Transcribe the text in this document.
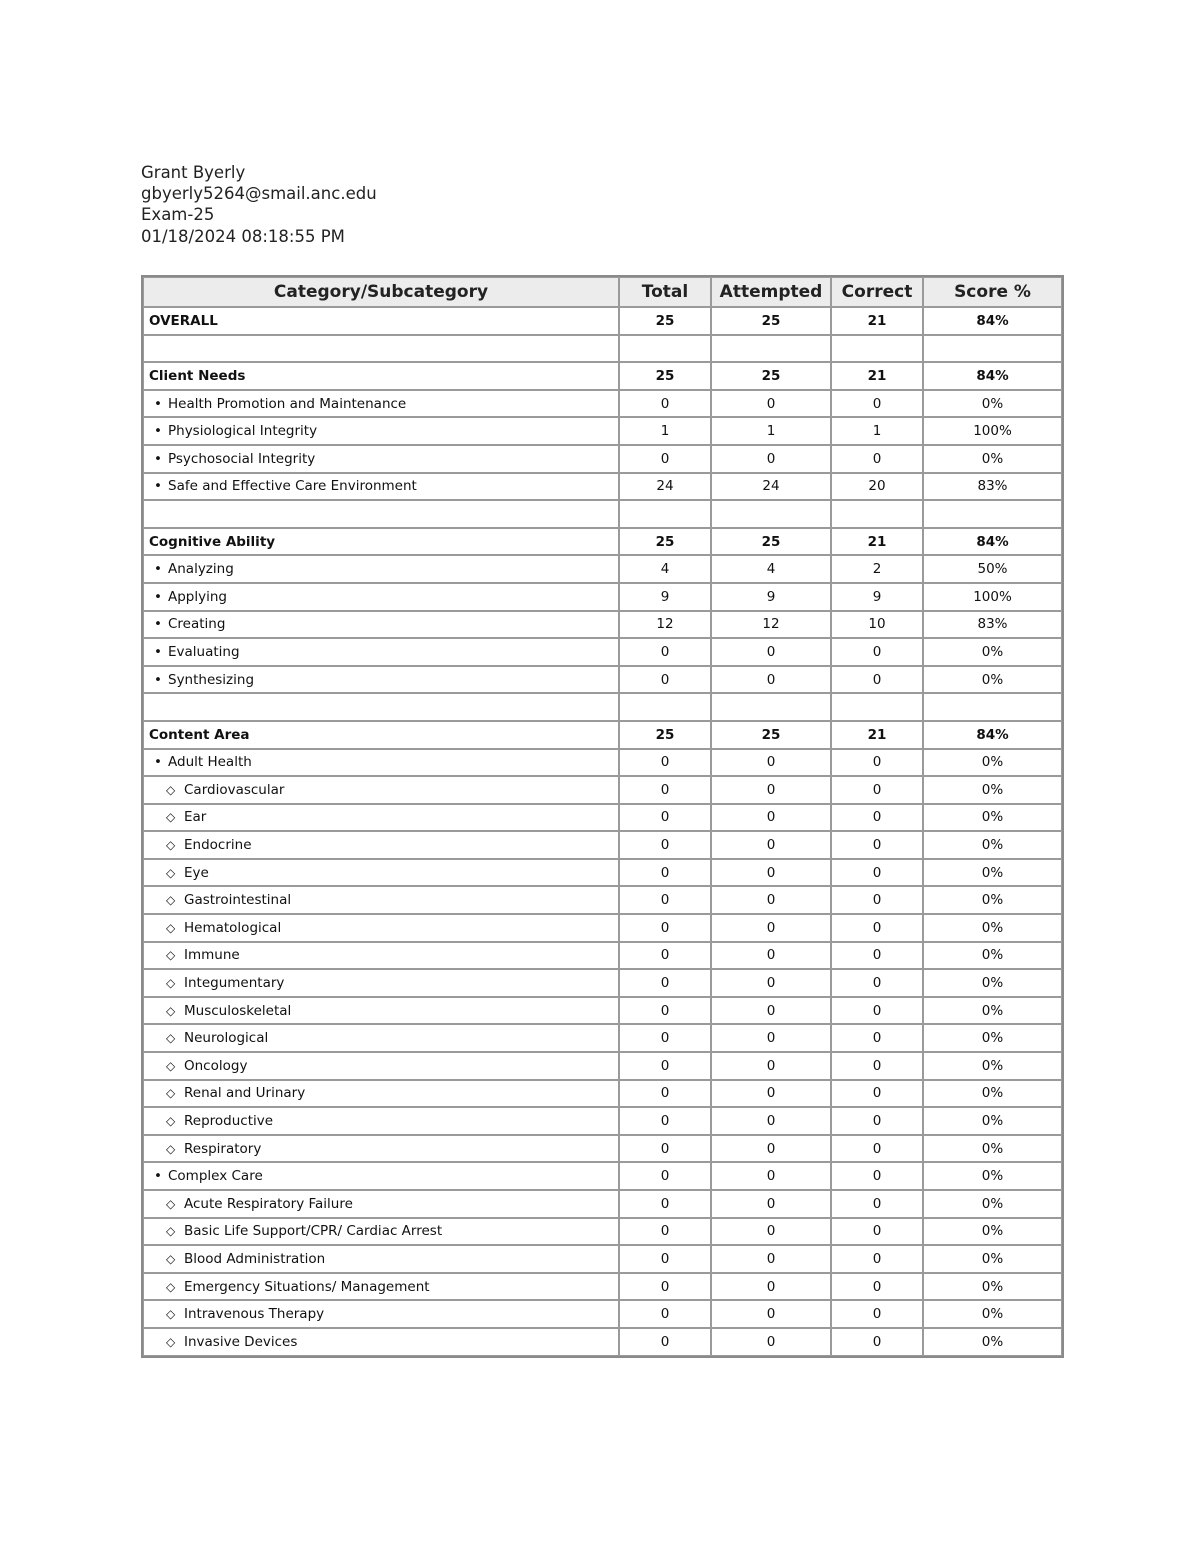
Grant Byerly
gbyerly5264@smail.anc.edu
Exam-25
01/18/2024 08:18:55 PM
Category/Subcategory	Total	Attempted	Correct	Score %
OVERALL	25	25	21	84%

Client Needs	25	25	21	84%
• Health Promotion and Maintenance	0	0	0	0%
• Physiological Integrity	1	1	1	100%
• Psychosocial Integrity	0	0	0	0%
• Safe and Effective Care Environment	24	24	20	83%

Cognitive Ability	25	25	21	84%
• Analyzing	4	4	2	50%
• Applying	9	9	9	100%
• Creating	12	12	10	83%
• Evaluating	0	0	0	0%
• Synthesizing	0	0	0	0%

Content Area	25	25	21	84%
• Adult Health	0	0	0	0%
◇ Cardiovascular	0	0	0	0%
◇ Ear	0	0	0	0%
◇ Endocrine	0	0	0	0%
◇ Eye	0	0	0	0%
◇ Gastrointestinal	0	0	0	0%
◇ Hematological	0	0	0	0%
◇ Immune	0	0	0	0%
◇ Integumentary	0	0	0	0%
◇ Musculoskeletal	0	0	0	0%
◇ Neurological	0	0	0	0%
◇ Oncology	0	0	0	0%
◇ Renal and Urinary	0	0	0	0%
◇ Reproductive	0	0	0	0%
◇ Respiratory	0	0	0	0%
• Complex Care	0	0	0	0%
◇ Acute Respiratory Failure	0	0	0	0%
◇ Basic Life Support/CPR/ Cardiac Arrest	0	0	0	0%
◇ Blood Administration	0	0	0	0%
◇ Emergency Situations/ Management	0	0	0	0%
◇ Intravenous Therapy	0	0	0	0%
◇ Invasive Devices	0	0	0	0%
